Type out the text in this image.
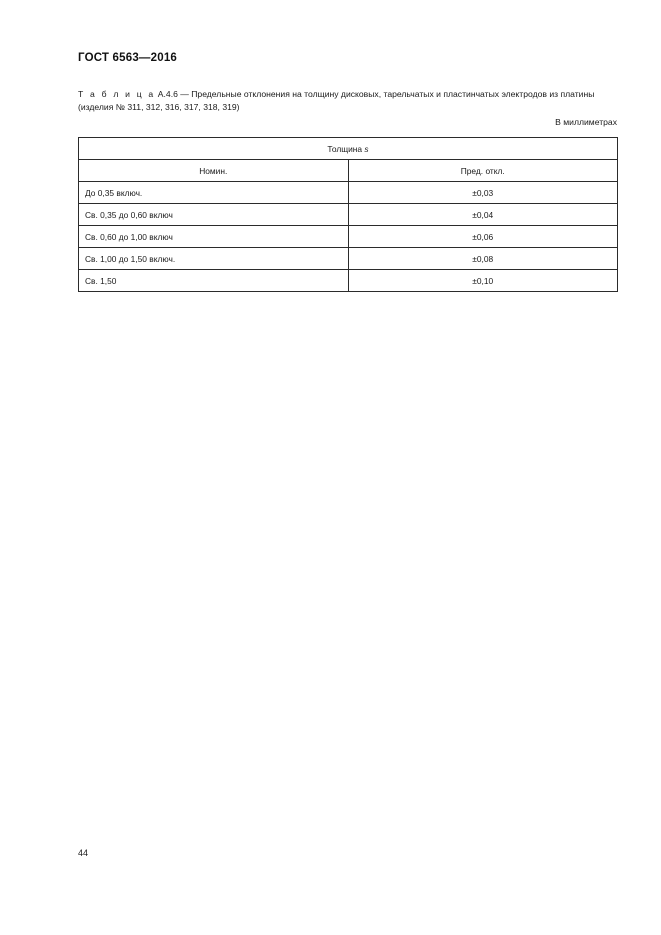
ГОСТ 6563—2016
Т а б л и ц а А.4.6 — Предельные отклонения на толщину дисковых, тарельчатых и пластинчатых электродов из платины (изделия № 311, 312, 316, 317, 318, 319)
В миллиметрах
Толщина s	
Номин.	Пред. откл.
До 0,35 включ.	±0,03
Св. 0,35 до 0,60 включ	±0,04
Св. 0,60 до 1,00 включ	±0,06
Св. 1,00 до 1,50 включ.	±0,08
Св. 1,50	±0,10
44
